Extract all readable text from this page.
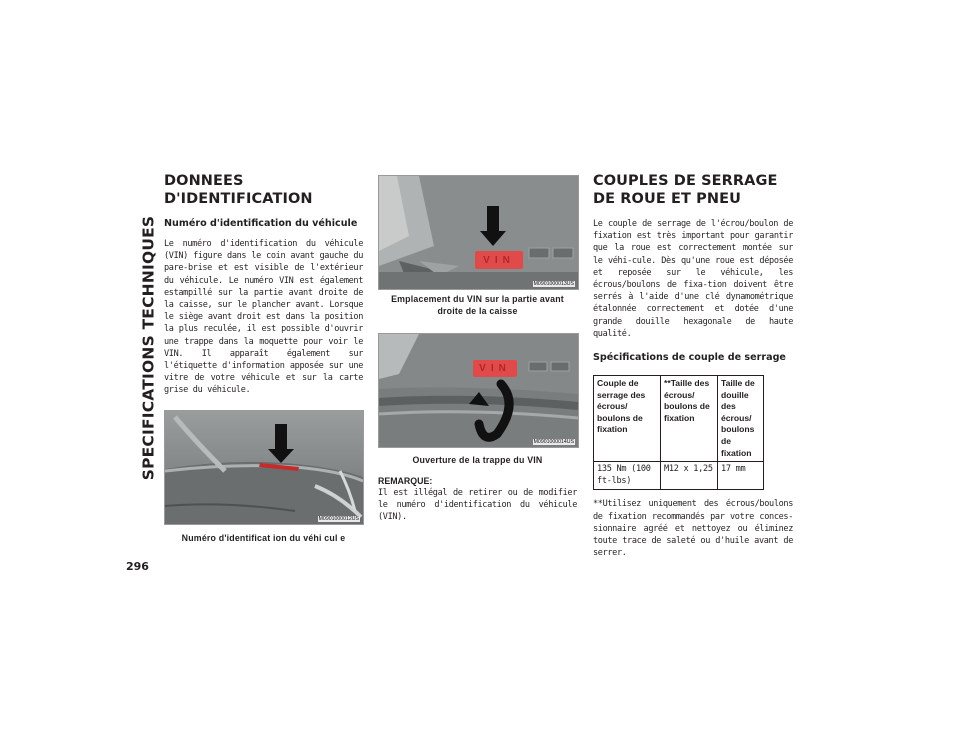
SPECIFICATIONS TECHNIQUES
296
DONNEES D'IDENTIFICATION
Numéro d'identification du véhicule

Le numéro d'identification du véhicule (VIN) figure dans le coin avant gauche du pare-brise et est visible de l'extérieur du véhicule. Le numéro VIN est également estampillé sur la partie avant droite de la caisse, sur le plancher avant. Lorsque le siège avant droit est dans la position la plus reculée, il est possible d'ouvrir une trappe dans la moquette pour voir le VIN. Il apparaît également sur l'étiquette d'information apposée sur une vitre de votre véhicule et sur la carte grise du véhicule.

M0901000012US
Numéro d'identificat ion du véhi cul e
VIN
M0901000013US
Emplacement du VIN sur la partie avant droite de la caisse
VIN
M0901000014US
Ouverture de la trappe du VIN
REMARQUE:

Il est illégal de retirer ou de modifier le numéro d'identification du véhicule (VIN).

COUPLES DE SERRAGE DE ROUE ET PNEU

Le couple de serrage de l'écrou/boulon de fixation est très important pour garantir que la roue est correctement montée sur le véhi-cule. Dès qu'une roue est déposée et reposée sur le véhicule, les écrous/boulons de fixa-tion doivent être serrés à l'aide d'une clé dynamométrique étalonnée correctement et dotée d'une grande douille hexagonale de haute qualité.

Spécifications de couple de serrage
Couple de serrage des écrous/ boulons de fixation	**Taille des écrous/ boulons de fixation	Taille de douille des écrous/ boulons de fixation
135 Nm (100 ft-lbs)	M12 x 1,25	17 mm

**Utilisez uniquement des écrous/boulons de fixation recommandés par votre conces-sionnaire agréé et nettoyez ou éliminez toute trace de saleté ou d'huile avant de serrer.
